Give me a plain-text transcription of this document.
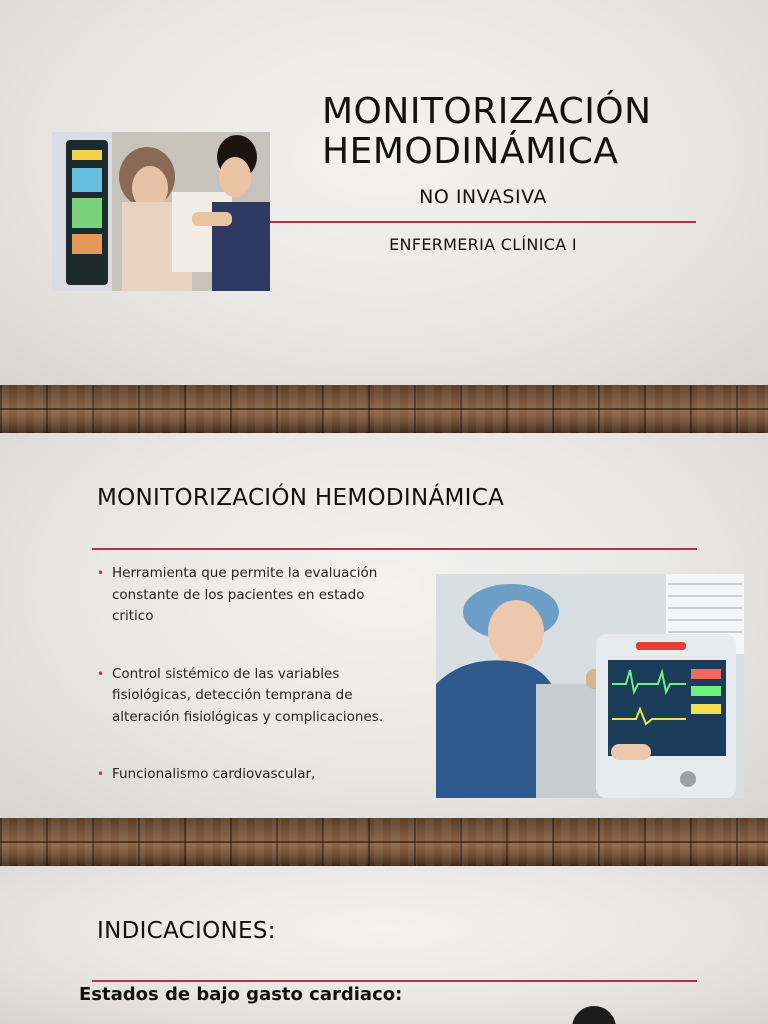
MONITORIZACIÓN HEMODINÁMICA
NO INVASIVA
ENFERMERIA CLÍNICA I
MONITORIZACIÓN HEMODINÁMICA
• Herramienta que permite la evaluación constante de los pacientes en estado critico
• Control sistémico de las variables fisiológicas, detección temprana de alteración fisiológicas y complicaciones.
• Funcionalismo cardiovascular,
INDICACIONES:
Estados de bajo gasto cardiaco:
